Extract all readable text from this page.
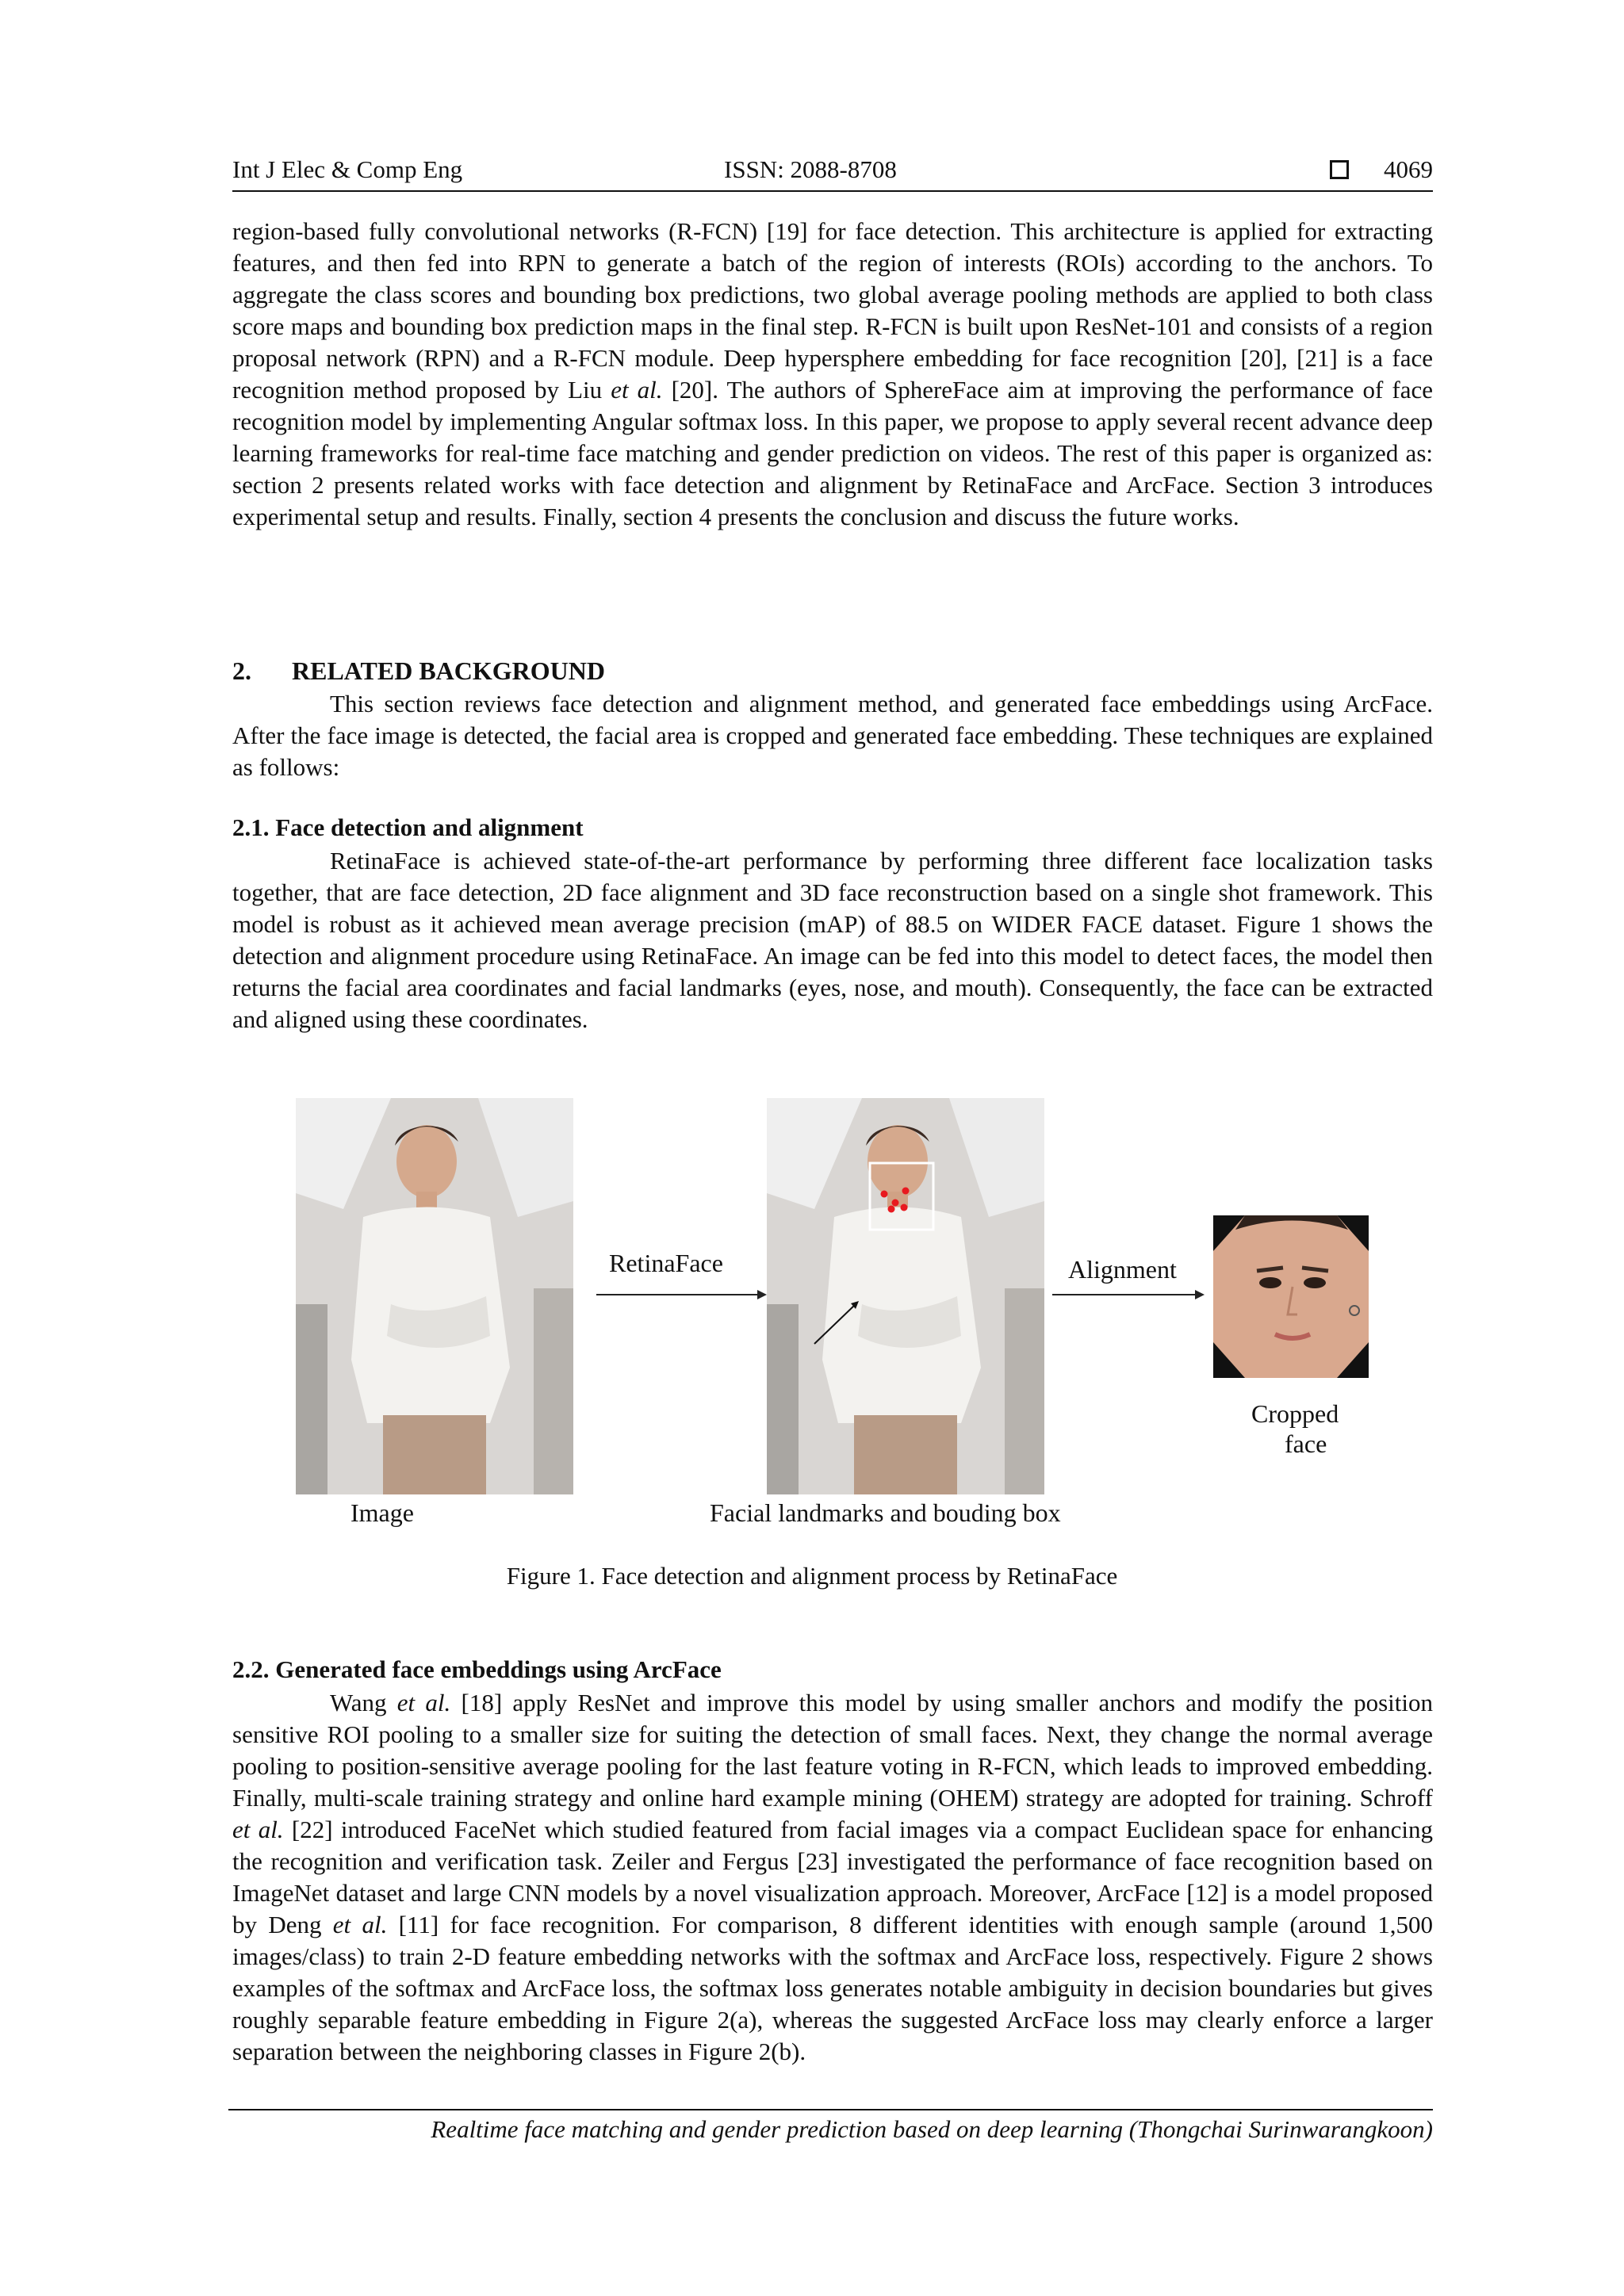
Int J Elec & Comp Eng	ISSN: 2088-8708	4069

region-based fully convolutional networks (R-FCN) [19] for face detection. This architecture is applied for extracting features, and then fed into RPN to generate a batch of the region of interests (ROIs) according to the anchors. To aggregate the class scores and bounding box predictions, two global average pooling methods are applied to both class score maps and bounding box prediction maps in the final step. R-FCN is built upon ResNet-101 and consists of a region proposal network (RPN) and a R-FCN module. Deep hypersphere embedding for face recognition [20], [21] is a face recognition method proposed by Liu et al. [20]. The authors of SphereFace aim at improving the performance of face recognition model by implementing Angular softmax loss. In this paper, we propose to apply several recent advance deep learning frameworks for real-time face matching and gender prediction on videos. The rest of this paper is organized as: section 2 presents related works with face detection and alignment by RetinaFace and ArcFace. Section 3 introduces experimental setup and results. Finally, section 4 presents the conclusion and discuss the future works.

2. RELATED BACKGROUND

This section reviews face detection and alignment method, and generated face embeddings using ArcFace. After the face image is detected, the facial area is cropped and generated face embedding. These techniques are explained as follows:

2.1. Face detection and alignment

RetinaFace is achieved state-of-the-art performance by performing three different face localization tasks together, that are face detection, 2D face alignment and 3D face reconstruction based on a single shot framework. This model is robust as it achieved mean average precision (mAP) of 88.5 on WIDER FACE dataset. Figure 1 shows the detection and alignment procedure using RetinaFace. An image can be fed into this model to detect faces, the model then returns the facial area coordinates and facial landmarks (eyes, nose, and mouth). Consequently, the face can be extracted and aligned using these coordinates.

Image
RetinaFace
Facial landmarks and bouding box
Alignment
Cropped
face
Figure 1. Face detection and alignment process by RetinaFace
2.2. Generated face embeddings using ArcFace

Wang et al. [18] apply ResNet and improve this model by using smaller anchors and modify the position sensitive ROI pooling to a smaller size for suiting the detection of small faces. Next, they change the normal average pooling to position-sensitive average pooling for the last feature voting in R-FCN, which leads to improved embedding. Finally, multi-scale training strategy and online hard example mining (OHEM) strategy are adopted for training. Schroff et al. [22] introduced FaceNet which studied featured from facial images via a compact Euclidean space for enhancing the recognition and verification task. Zeiler and Fergus [23] investigated the performance of face recognition based on ImageNet dataset and large CNN models by a novel visualization approach. Moreover, ArcFace [12] is a model proposed by Deng et al. [11] for face recognition. For comparison, 8 different identities with enough sample (around 1,500 images/class) to train 2-D feature embedding networks with the softmax and ArcFace loss, respectively. Figure 2 shows examples of the softmax and ArcFace loss, the softmax loss generates notable ambiguity in decision boundaries but gives roughly separable feature embedding in Figure 2(a), whereas the suggested ArcFace loss may clearly enforce a larger separation between the neighboring classes in Figure 2(b).

Realtime face matching and gender prediction based on deep learning (Thongchai Surinwarangkoon)
